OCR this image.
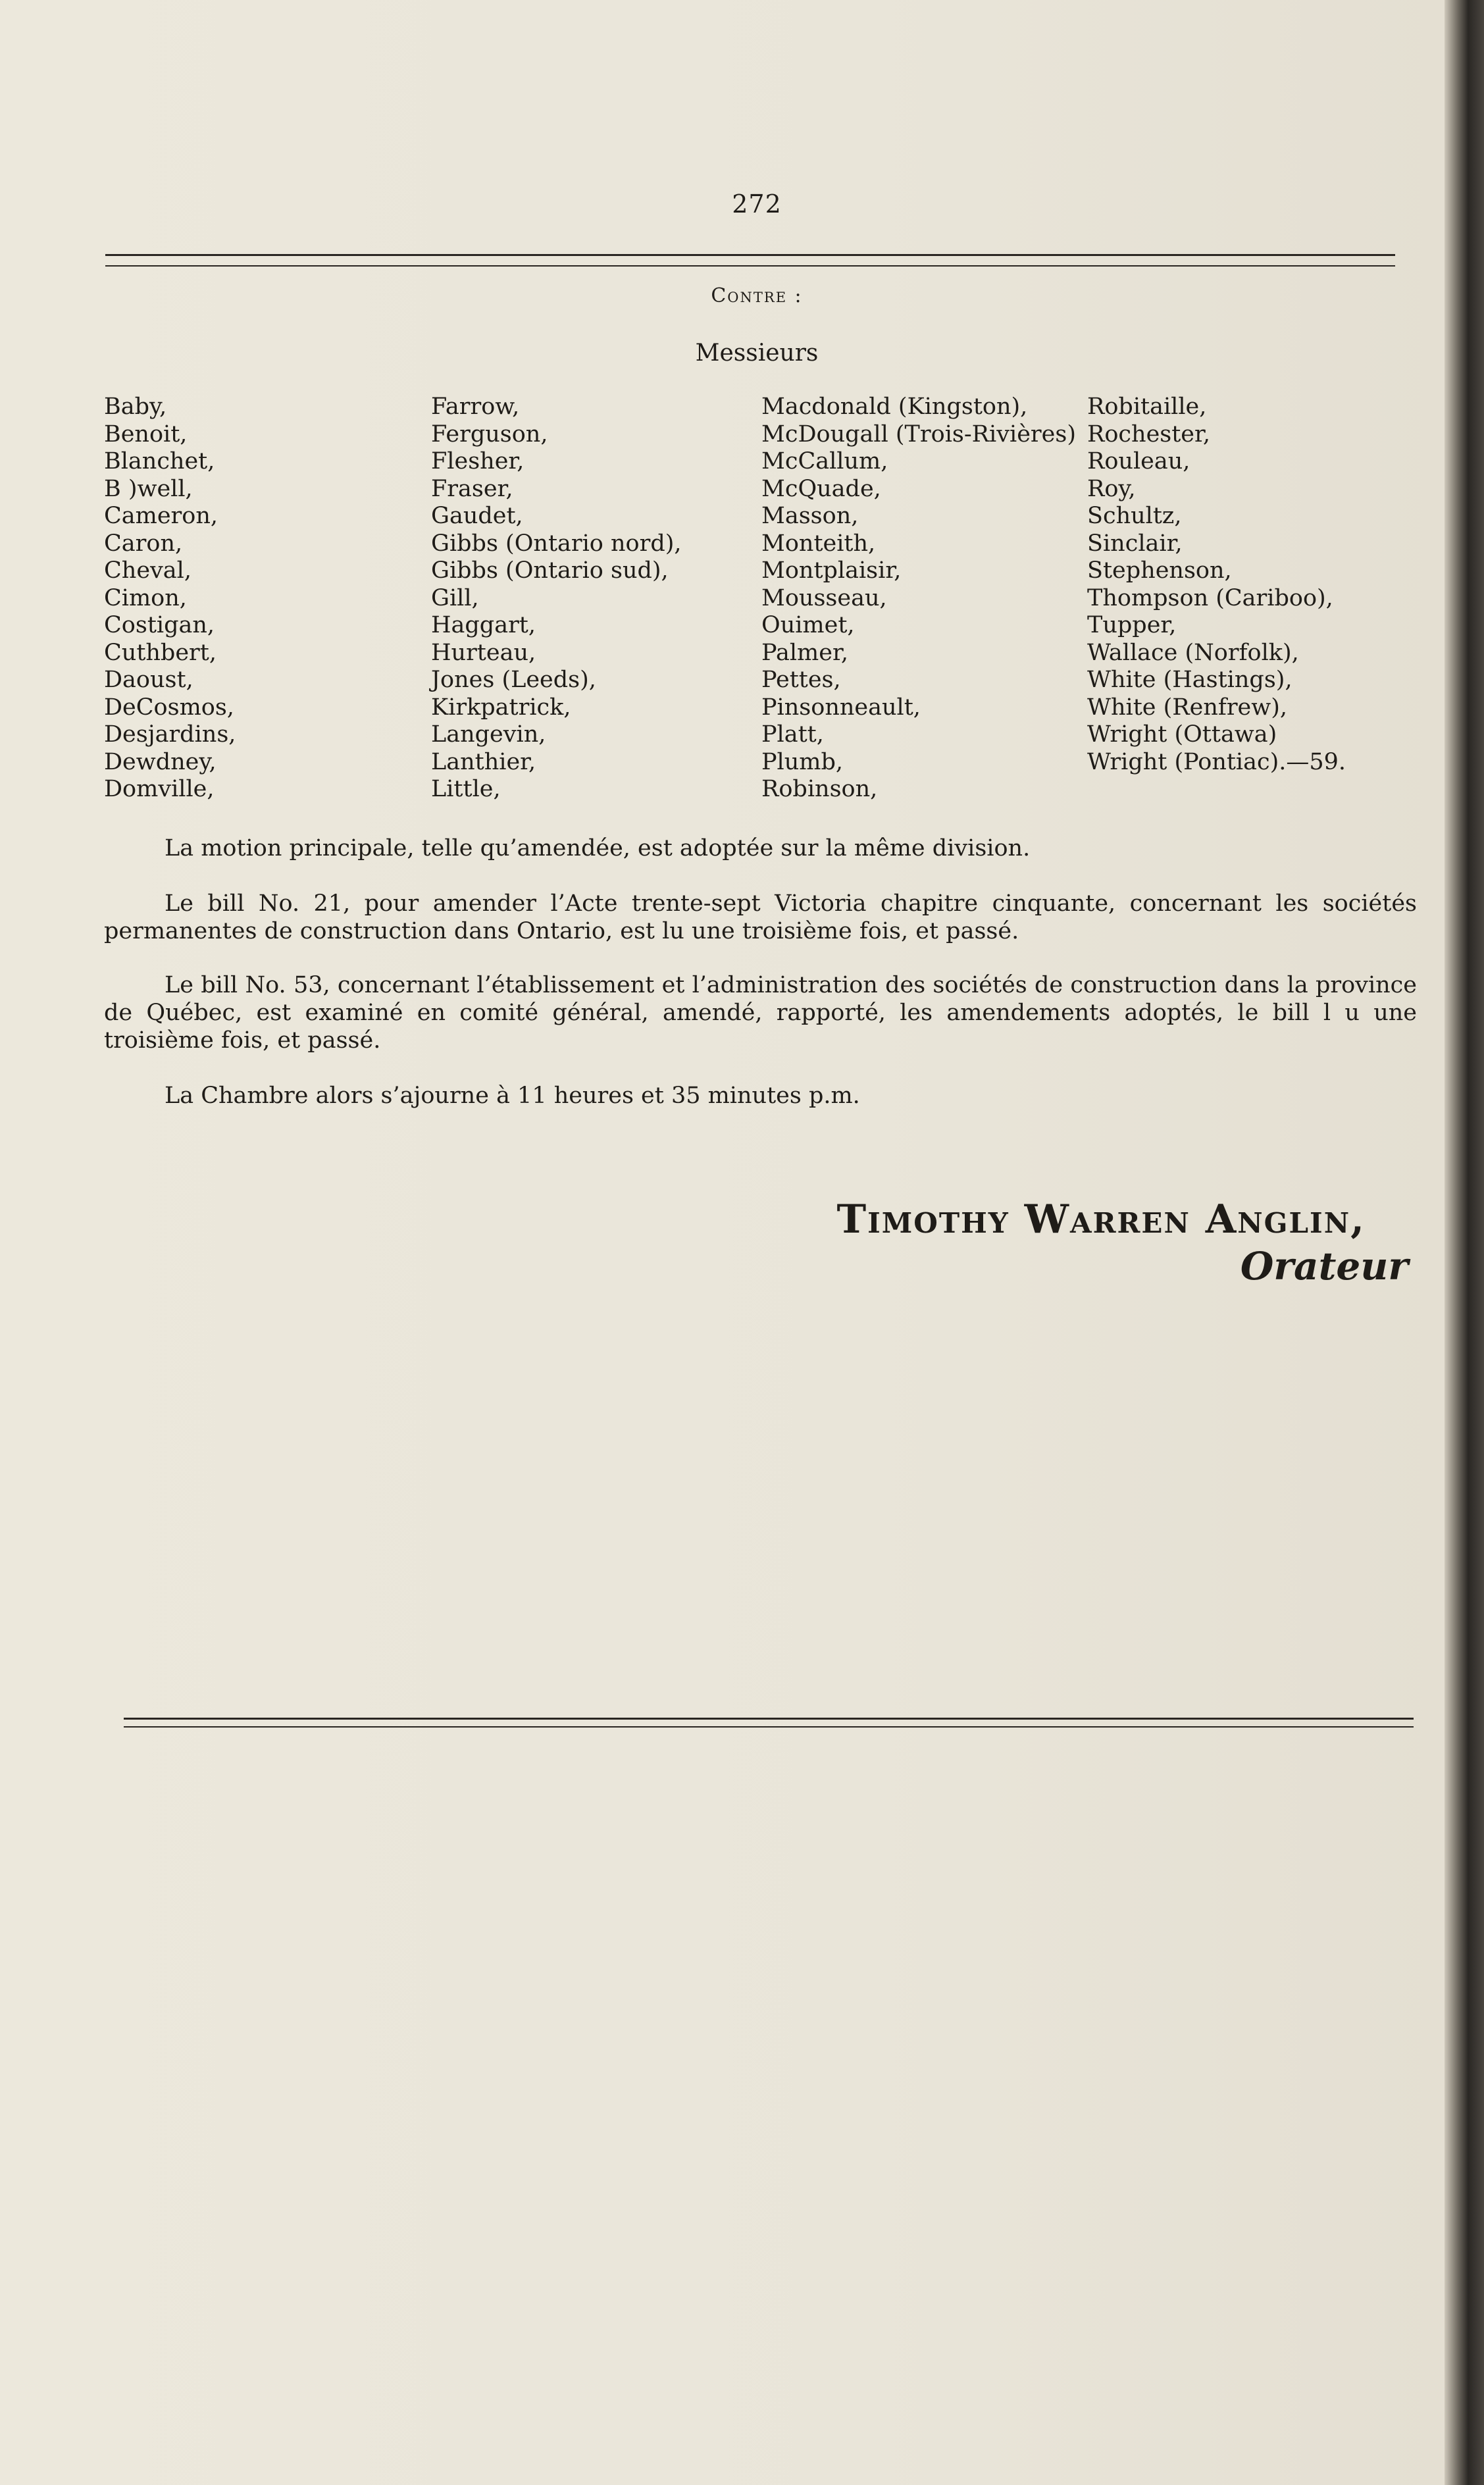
272
Contre :
Messieurs
Baby,
Benoit,
Blanchet,
B )well,
Cameron,
Caron,
Cheval,
Cimon,
Costigan,
Cuthbert,
Daoust,
DeCosmos,
Desjardins,
Dewdney,
Domville,
Farrow,
Ferguson,
Flesher,
Fraser,
Gaudet,
Gibbs (Ontario nord),
Gibbs (Ontario sud),
Gill,
Haggart,
Hurteau,
Jones (Leeds),
Kirkpatrick,
Langevin,
Lanthier,
Little,
Macdonald (Kingston),
McDougall (Trois-Rivières)
McCallum,
McQuade,
Masson,
Monteith,
Montplaisir,
Mousseau,
Ouimet,
Palmer,
Pettes,
Pinsonneault,
Platt,
Plumb,
Robinson,
Robitaille,
Rochester,
Rouleau,
Roy,
Schultz,
Sinclair,
Stephenson,
Thompson (Cariboo),
Tupper,
Wallace (Norfolk),
White (Hastings),
White (Renfrew),
Wright (Ottawa)
Wright (Pontiac).—59.
La motion principale, telle qu’amendée, est adoptée sur la même division.
Le bill No. 21, pour amender l’Acte trente-sept Victoria chapitre cinquante, concernant les sociétés permanentes de construction dans Ontario, est lu une troisième fois, et passé.
Le bill No. 53, concernant l’établissement et l’administration des sociétés de construction dans la province de Québec, est examiné en comité général, amendé, rapporté, les amendements adoptés, le bill l u une troisième fois, et passé.
La Chambre alors s’ajourne à 11 heures et 35 minutes p.m.
Timothy Warren Anglin,
Orateur
